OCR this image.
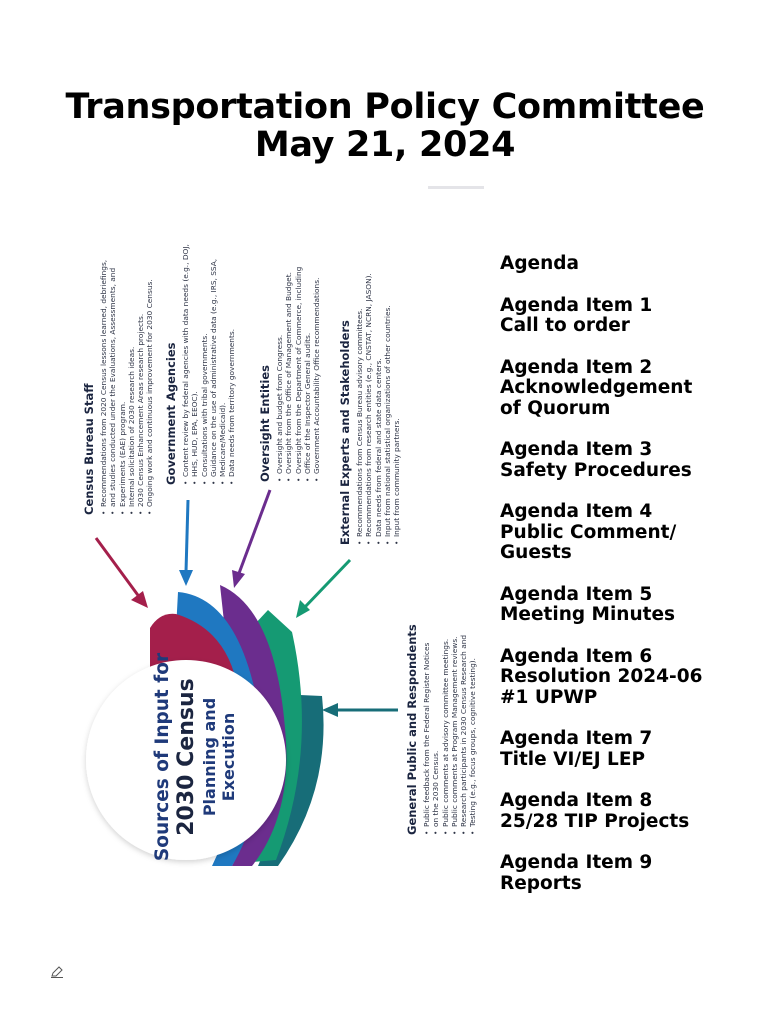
Transportation Policy Committee
May 21, 2024
Sources of Input for 2030 Census Planning and Execution
Census Bureau Staff • Recommendations from 2020 Census lessons learned, debriefings, • and studies conducted under the Evaluations, Assessments, and • Experiments (EAE) program. • Internal solicitation of 2030 research ideas. • 2030 Census Enhancement Areas research projects. • Ongoing work and continuous improvement for 2030 Census. Government Agencies • Content review by federal agencies with data needs (e.g., DOJ, • HHS, HUD, EPA, EEOC). • Consultations with tribal governments. • Guidance on the use of administrative data (e.g., IRS, SSA, • Medicare/Medicaid). • Data needs from territory governments. Oversight Entities • Oversight and budget from Congress. • Oversight from the Office of Management and Budget. • Oversight from the Department of Commerce, including • Office of the Inspector General audits. • Government Accountability Office recommendations. External Experts and Stakeholders • Recommendations from Census Bureau advisory committees. • Recommendations from research entities (e.g., CNSTAT, NCRN, JASON). • Data needs from federal and state data centers. • Input from national statistical organizations of other countries. • Input from community partners.
General Public and Respondents • Public feedback from the Federal Register Notices • on the 2030 Census. • Public comments at advisory committee meetings. • Public comments at Program Management reviews. • Research participants in 2030 Census Research and • Testing (e.g., focus groups, cognitive testing).
Agenda
Agenda Item 1
Call to order
Agenda Item 2
Acknowledgement
of Quorum
Agenda Item 3
Safety Procedures
Agenda Item 4
Public Comment/
Guests
Agenda Item 5
Meeting Minutes
Agenda Item 6
Resolution 2024-06
#1 UPWP
Agenda Item 7
Title VI/EJ LEP
Agenda Item 8
25/28 TIP Projects
Agenda Item 9
Reports
